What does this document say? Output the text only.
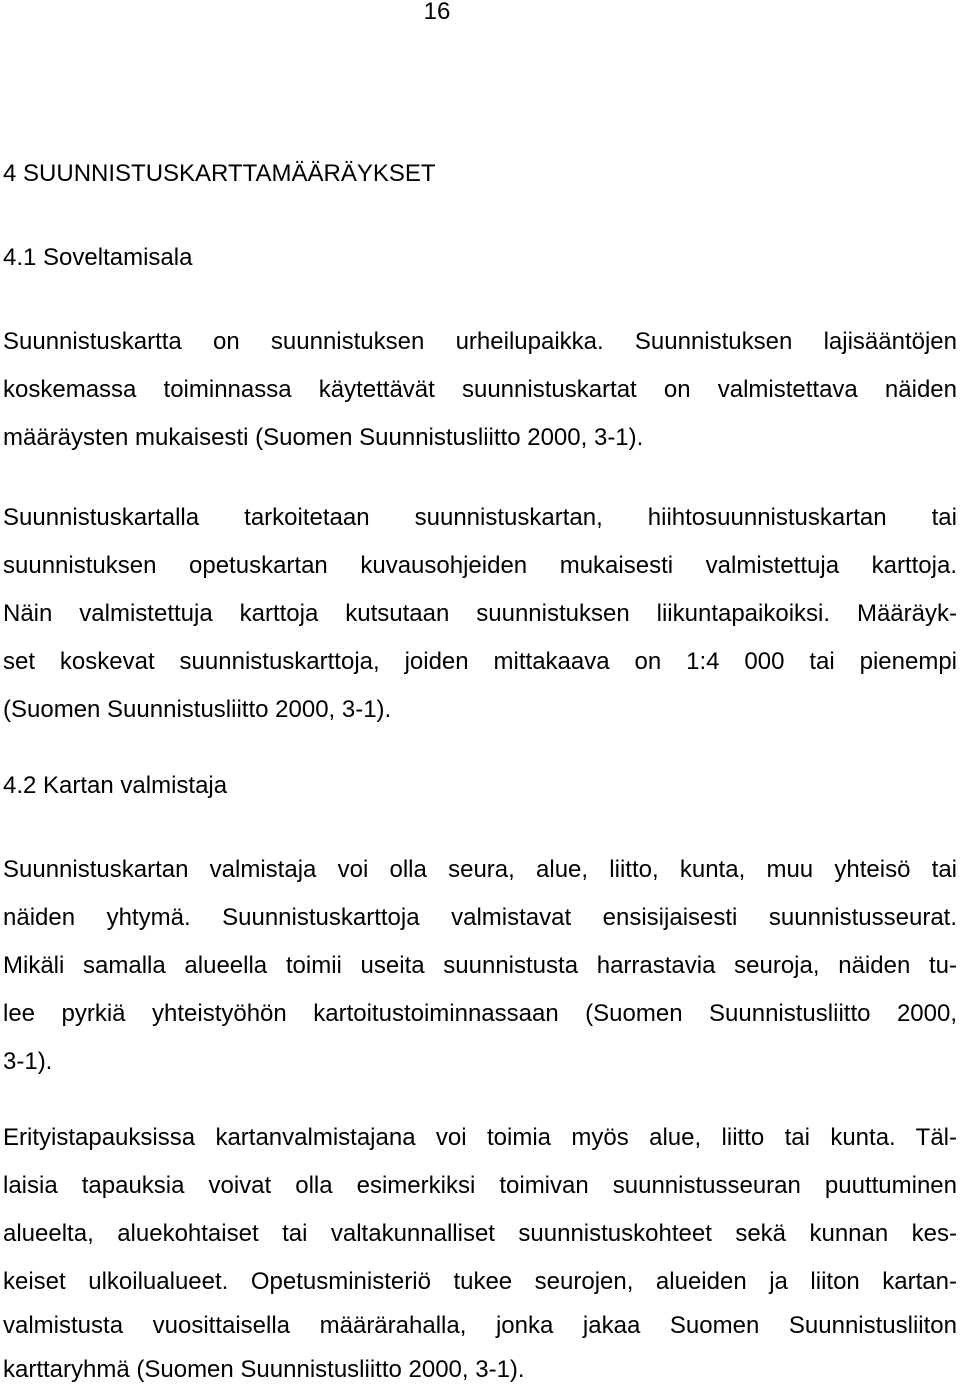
16
4 SUUNNISTUSKARTTAMÄÄRÄYKSET
4.1 Soveltamisala
Suunnistuskartta on suunnistuksen urheilupaikka. Suunnistuksen lajisääntöjen
koskemassa toiminnassa käytettävät suunnistuskartat on valmistettava näiden
määräysten mukaisesti (Suomen Suunnistusliitto 2000, 3-1).
Suunnistuskartalla tarkoitetaan suunnistuskartan, hiihtosuunnistuskartan tai
suunnistuksen opetuskartan kuvausohjeiden mukaisesti valmistettuja karttoja.
Näin valmistettuja karttoja kutsutaan suunnistuksen liikuntapaikoiksi. Määräyk-
set koskevat suunnistuskarttoja, joiden mittakaava on 1:4 000 tai pienempi
(Suomen Suunnistusliitto 2000, 3-1).
4.2 Kartan valmistaja
Suunnistuskartan valmistaja voi olla seura, alue, liitto, kunta, muu yhteisö tai
näiden yhtymä. Suunnistuskarttoja valmistavat ensisijaisesti suunnistusseurat.
Mikäli samalla alueella toimii useita suunnistusta harrastavia seuroja, näiden tu-
lee pyrkiä yhteistyöhön kartoitustoiminnassaan (Suomen Suunnistusliitto 2000,
3-1).
Erityistapauksissa kartanvalmistajana voi toimia myös alue, liitto tai kunta. Täl-
laisia tapauksia voivat olla esimerkiksi toimivan suunnistusseuran puuttuminen
alueelta, aluekohtaiset tai valtakunnalliset suunnistuskohteet sekä kunnan kes-
keiset ulkoilualueet. Opetusministeriö tukee seurojen, alueiden ja liiton kartan-
valmistusta vuosittaisella määrärahalla, jonka jakaa Suomen Suunnistusliiton
karttaryhmä (Suomen Suunnistusliitto 2000, 3-1).
